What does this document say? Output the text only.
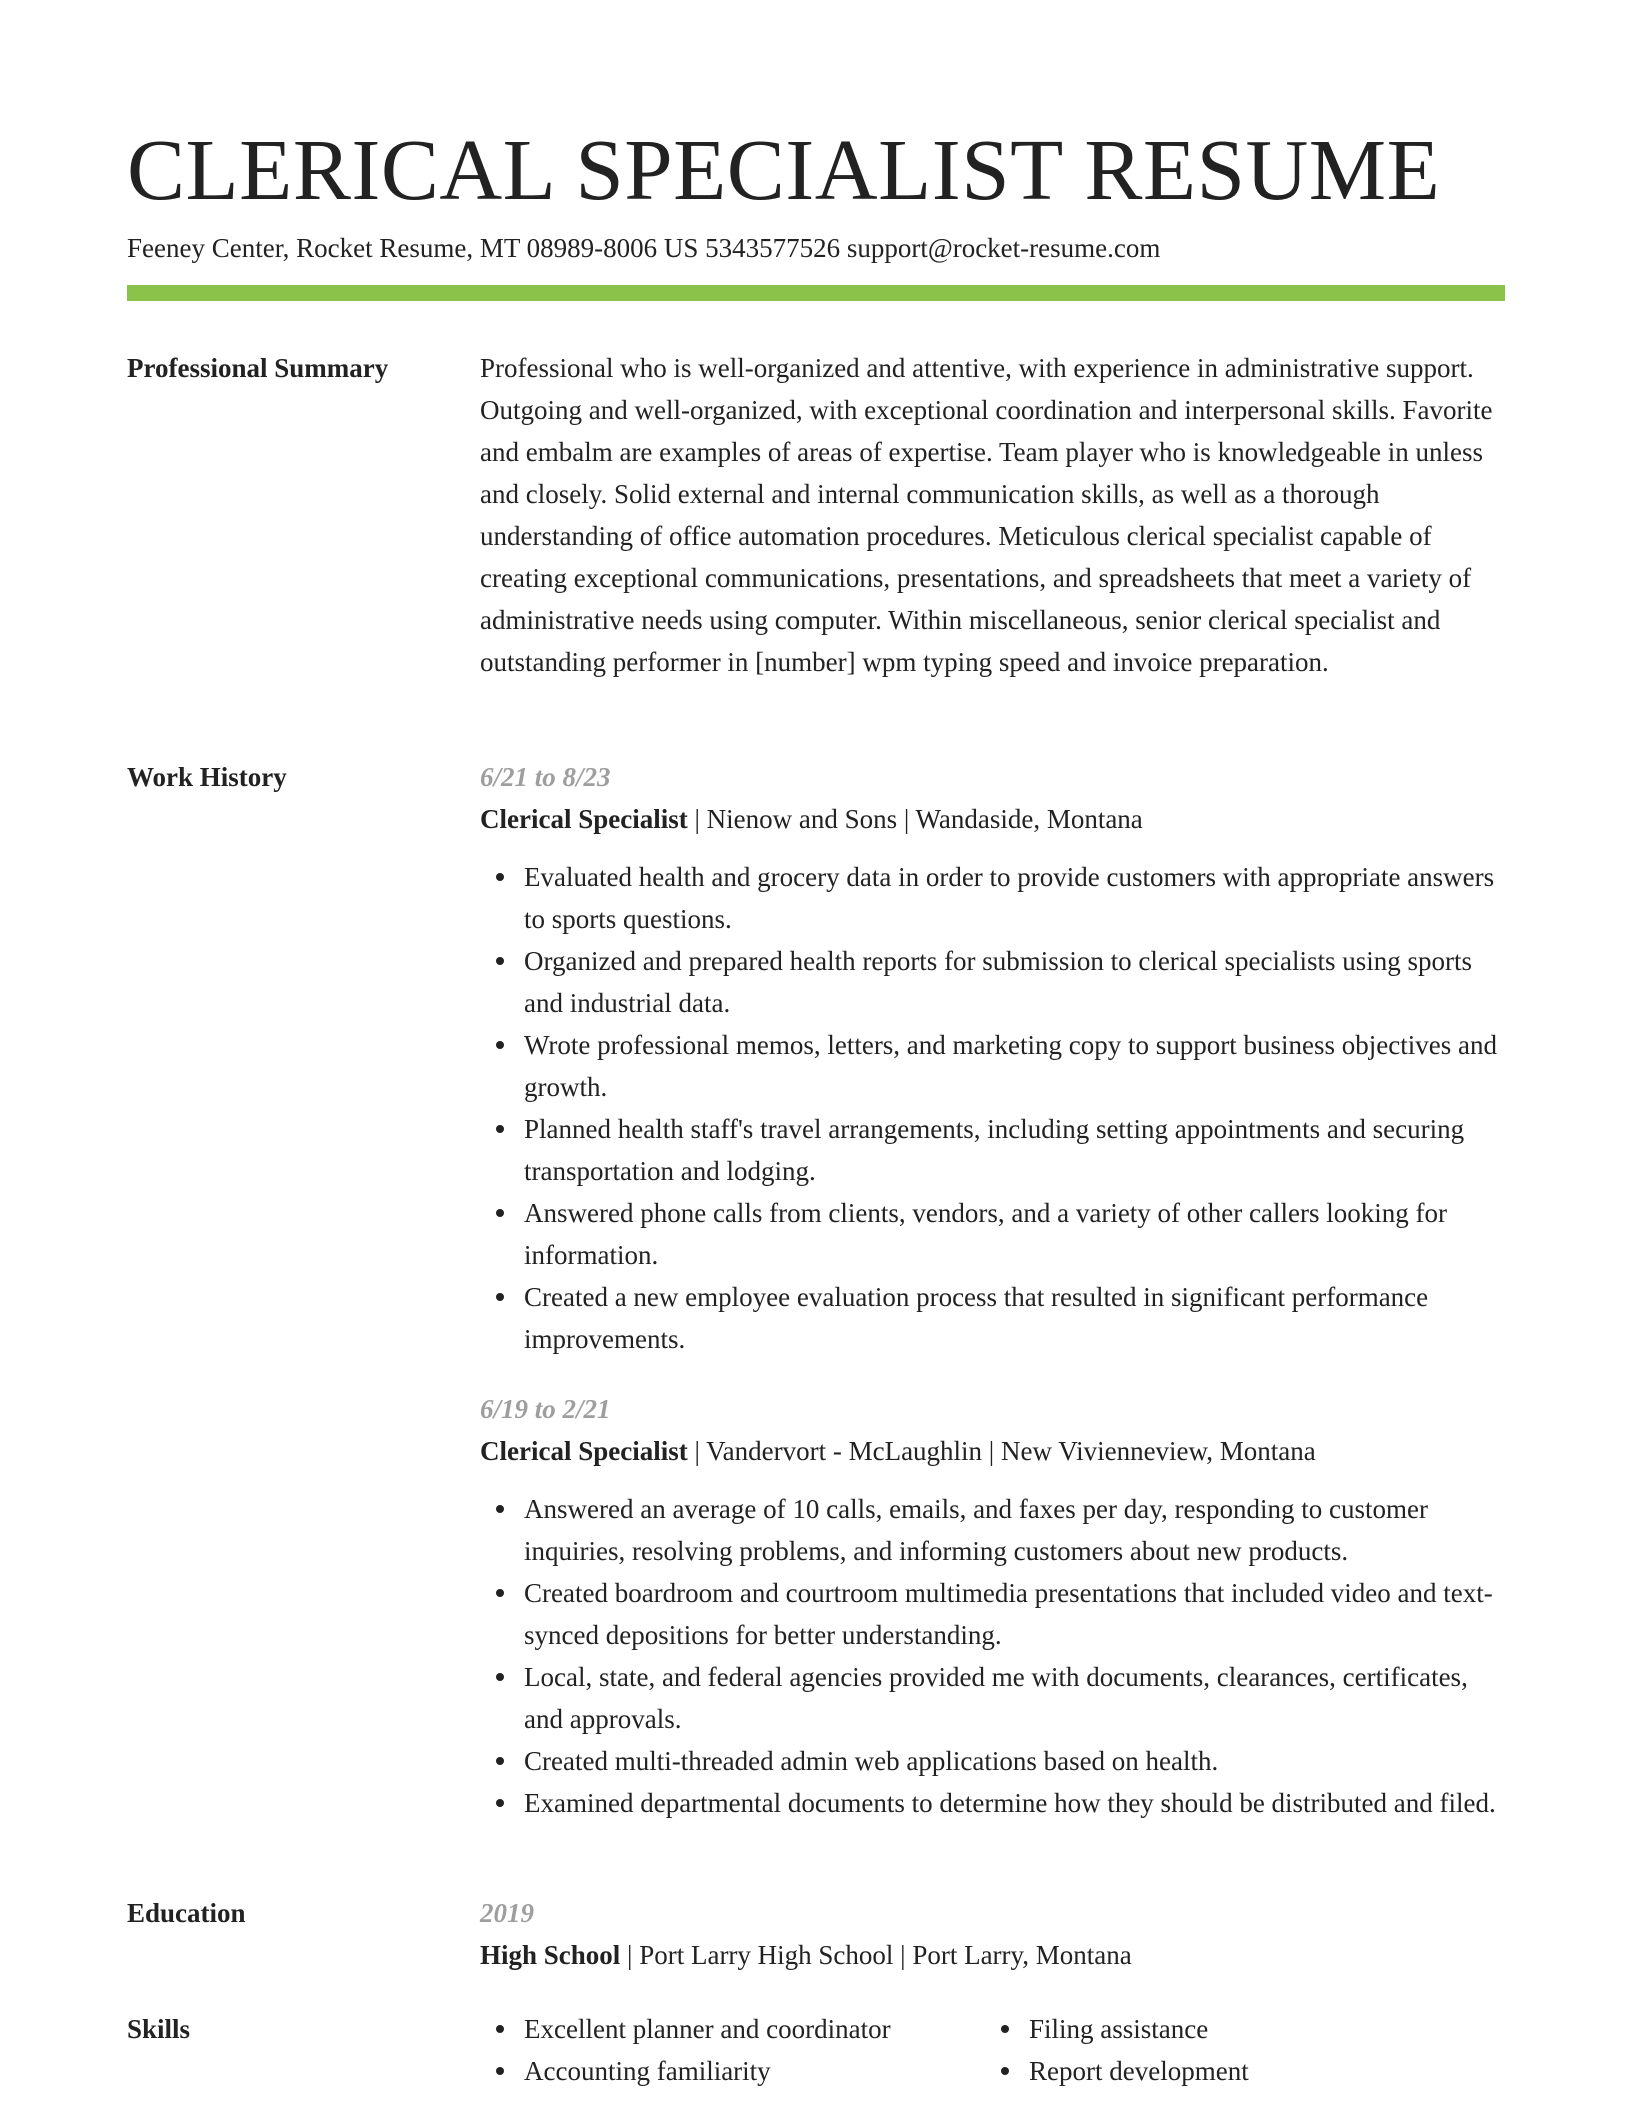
CLERICAL SPECIALIST RESUME
Feeney Center, Rocket Resume, MT 08989-8006 US 5343577526 support@rocket-resume.com
Professional Summary	Professional who is well-organized and attentive, with experience in administrative support. Outgoing and well-organized, with exceptional coordination and interpersonal skills. Favorite and embalm are examples of areas of expertise. Team player who is knowledgeable in unless and closely. Solid external and internal communication skills, as well as a thorough understanding of office automation procedures. Meticulous clerical specialist capable of creating exceptional communications, presentations, and spreadsheets that meet a variety of administrative needs using computer. Within miscellaneous, senior clerical specialist and outstanding performer in [number] wpm typing speed and invoice preparation.

Work History	6/21 to 8/23
Clerical Specialist | Nienow and Sons | Wandaside, Montana
Evaluated health and grocery data in order to provide customers with appropriate answers to sports questions.
Organized and prepared health reports for submission to clerical specialists using sports and industrial data.
Wrote professional memos, letters, and marketing copy to support business objectives and growth.
Planned health staff's travel arrangements, including setting appointments and securing transportation and lodging.
Answered phone calls from clients, vendors, and a variety of other callers looking for information.
Created a new employee evaluation process that resulted in significant performance improvements.
6/19 to 2/21
Clerical Specialist | Vandervort - McLaughlin | New Vivienneview, Montana
Answered an average of 10 calls, emails, and faxes per day, responding to customer inquiries, resolving problems, and informing customers about new products.
Created boardroom and courtroom multimedia presentations that included video and text-synced depositions for better understanding.
Local, state, and federal agencies provided me with documents, clearances, certificates, and approvals.
Created multi-threaded admin web applications based on health.
Examined departmental documents to determine how they should be distributed and filed.
Education	2019
High School | Port Larry High School | Port Larry, Montana
Skills	Excellent planner and coordinator
Accounting familiarity
Filing assistance
Report development
